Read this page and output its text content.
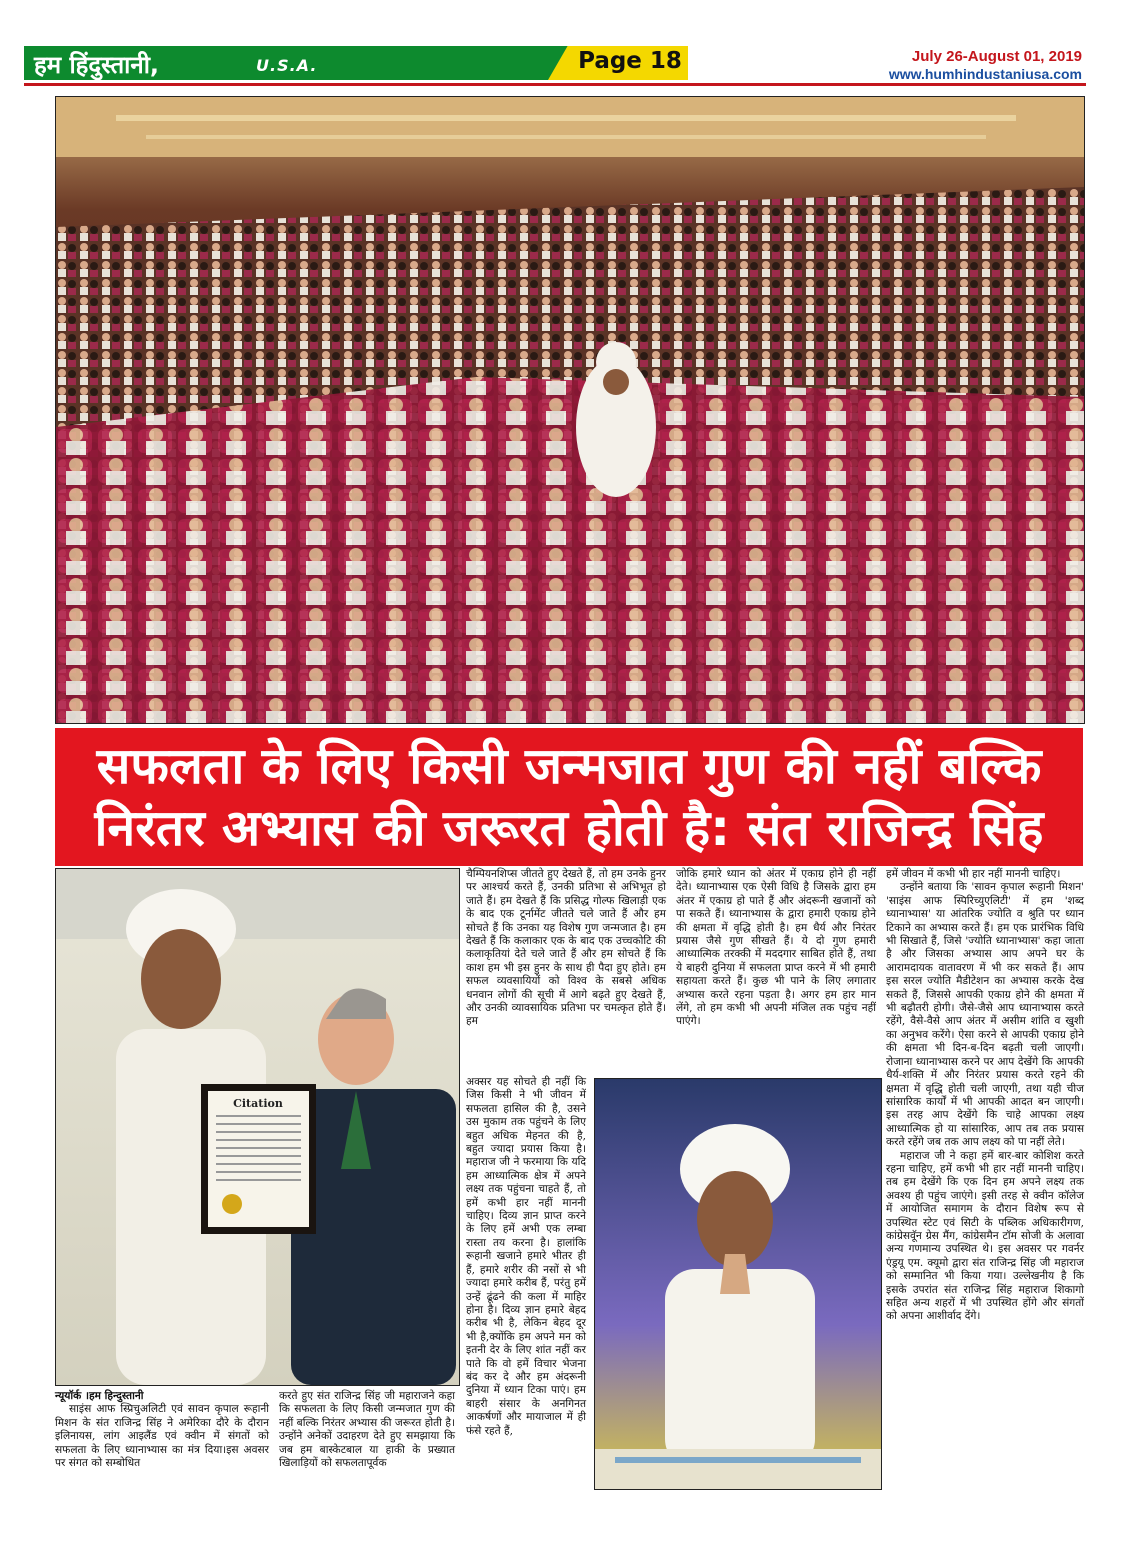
हम हिंदुस्तानी,	U.S.A.	Page 18	July 26-August 01, 2019
www.humhindustaniusa.com
सफलता के लिए किसी जन्मजात गुण की नहीं बल्कि
निरंतर अभ्यास की जरूरत होती है: संत राजिन्द्र सिंह
Citation
न्यूयॉर्क ।हम हिन्दुस्तानी

साइंस आफ स्प्रिचुअलिटी एवं सावन कृपाल रूहानी मिशन के संत राजिन्द्र सिंह ने अमेरिका दौरे के दौरान इलिनायस, लांग आइलैंड एवं क्वीन में संगतों को सफलता के लिए ध्यानाभ्यास का मंत्र दिया।इस अवसर पर संगत को सम्बोधित

करते हुए संत राजिन्द्र सिंह जी महाराजने कहा कि सफलता के लिए किसी जन्मजात गुण की नहीं बल्कि निरंतर अभ्यास की जरूरत होती है। उन्होंने अनेकों उदाहरण देते हुए समझाया कि जब हम बास्केटबाल या हाकी के प्रख्यात खिलाड़ियों को सफलतापूर्वक

चैम्पियनशिप्स जीतते हुए देखते हैं, तो हम उनके हुनर पर आश्चर्य करते हैं, उनकी प्रतिभा से अभिभूत हो जाते हैं। हम देखते हैं कि प्रसिद्ध गोल्फ खिलाड़ी एक के बाद एक टूर्नामेंट जीतते चले जाते हैं और हम सोचते हैं कि उनका यह विशेष गुण जन्मजात है। हम देखते हैं कि कलाकार एक के बाद एक उच्चकोटि की कलाकृतियां देते चले जाते हैं और हम सोचते हैं कि काश हम भी इस हुनर के साथ ही पैदा हुए होते। हम सफल व्यवसायियों को विश्व के सबसे अधिक धनवान लोगों की सूची में आगे बढ़ते हुए देखते हैं, और उनकी व्यावसायिक प्रतिभा पर चमत्कृत होते हैं। हम

अक्सर यह सोचते ही नहीं कि जिस किसी ने भी जीवन में सफलता हासिल की है, उसने उस मुकाम तक पहुंचने के लिए बहुत अधिक मेहनत की है, बहुत ज्यादा प्रयास किया है। महाराज जी ने फरमाया कि यदि हम आध्यात्मिक क्षेत्र में अपने लक्ष्य तक पहुंचना चाहते हैं, तो हमें कभी हार नहीं माननी चाहिए। दिव्य ज्ञान प्राप्त करने के लिए हमें अभी एक लम्बा रास्ता तय करना है। हालांकि रूहानी खजाने हमारे भीतर ही हैं, हमारे शरीर की नसों से भी ज्यादा हमारे करीब हैं, परंतु हमें उन्हें ढूंढने की कला में माहिर होना है। दिव्य ज्ञान हमारे बेहद करीब भी है, लेकिन बेहद दूर भी है,क्योंकि हम अपने मन को इतनी देर के लिए शांत नहीं कर पाते कि वो हमें विचार भेजना बंद कर दे और हम अंदरूनी दुनिया में ध्यान टिका पाएं। हम बाहरी संसार के अनगिनत आकर्षणों और मायाजाल में ही फंसे रहते हैं,

जोकि हमारे ध्यान को अंतर में एकाग्र होने ही नहीं देते। ध्यानाभ्यास एक ऐसी विधि है जिसके द्वारा हम अंतर में एकाग्र हो पाते हैं और अंदरूनी खजानों को पा सकते हैं। ध्यानाभ्यास के द्वारा हमारी एकाग्र होने की क्षमता में वृद्धि होती है। हम धैर्य और निरंतर प्रयास जैसे गुण सीखते हैं। ये दो गुण हमारी आध्यात्मिक तरक्की में मददगार साबित होते हैं, तथा ये बाहरी दुनिया में सफलता प्राप्त करने में भी हमारी सहायता करते हैं। कुछ भी पाने के लिए लगातार अभ्यास करते रहना पड़ता है। अगर हम हार मान लेंगे, तो हम कभी भी अपनी मंजिल तक पहुंच नहीं पाएंगे।

हमें जीवन में कभी भी हार नहीं माननी चाहिए।

उन्होंने बताया कि 'सावन कृपाल रूहानी मिशन' 'साइंस आफ स्पिरिच्युएलिटी' में हम 'शब्द ध्यानाभ्यास' या आंतरिक ज्योति व श्रुति पर ध्यान टिकाने का अभ्यास करते हैं। हम एक प्रारंभिक विधि भी सिखाते हैं, जिसे 'ज्योति ध्यानाभ्यास' कहा जाता है और जिसका अभ्यास आप अपने घर के आरामदायक वातावरण में भी कर सकते हैं। आप इस सरल ज्योति मैडीटेशन का अभ्यास करके देख सकते हैं, जिससे आपकी एकाग्र होने की क्षमता में भी बढ़ौतरी होगी। जैसे-जैसे आप ध्यानाभ्यास करते रहेंगे, वैसे-वैसे आप अंतर में असीम शांति व खुशी का अनुभव करेंगे। ऐसा करने से आपकी एकाग्र होने की क्षमता भी दिन-ब-दिन बढ़ती चली जाएगी। रोजाना ध्यानाभ्यास करने पर आप देखेंगे कि आपकी धैर्य-शक्ति में और निरंतर प्रयास करते रहने की क्षमता में वृद्धि होती चली जाएगी, तथा यही चीज सांसारिक कार्यों में भी आपकी आदत बन जाएगी। इस तरह आप देखेंगे कि चाहे आपका लक्ष्य आध्यात्मिक हो या सांसारिक, आप तब तक प्रयास करते रहेंगे जब तक आप लक्ष्य को पा नहीं लेते।

महाराज जी ने कहा हमें बार-बार कोशिश करते रहना चाहिए, हमें कभी भी हार नहीं माननी चाहिए। तब हम देखेंगे कि एक दिन हम अपने लक्ष्य तक अवश्य ही पहुंच जाएंगे। इसी तरह से क्वीन कॉलेज में आयोजित समागम के दौरान विशेष रूप से उपस्थित स्टेट एवं सिटी के पब्लिक अधिकारीगण, कांग्रेसवूॅन ग्रेस मैंग, कांग्रेसमैन टॉम सोजी के अलावा अन्य गणमान्य उपस्थित थे। इस अवसर पर गवर्नर एंड्रयू एम. क्यूमो द्वारा संत राजिन्द्र सिंह जी महाराज को सम्मानित भी किया गया। उल्लेखनीय है कि इसके उपरांत संत राजिन्द्र सिंह महाराज शिकागो सहित अन्य शहरों में भी उपस्थित होंगे और संगतों को अपना आशीर्वाद देंगे।
